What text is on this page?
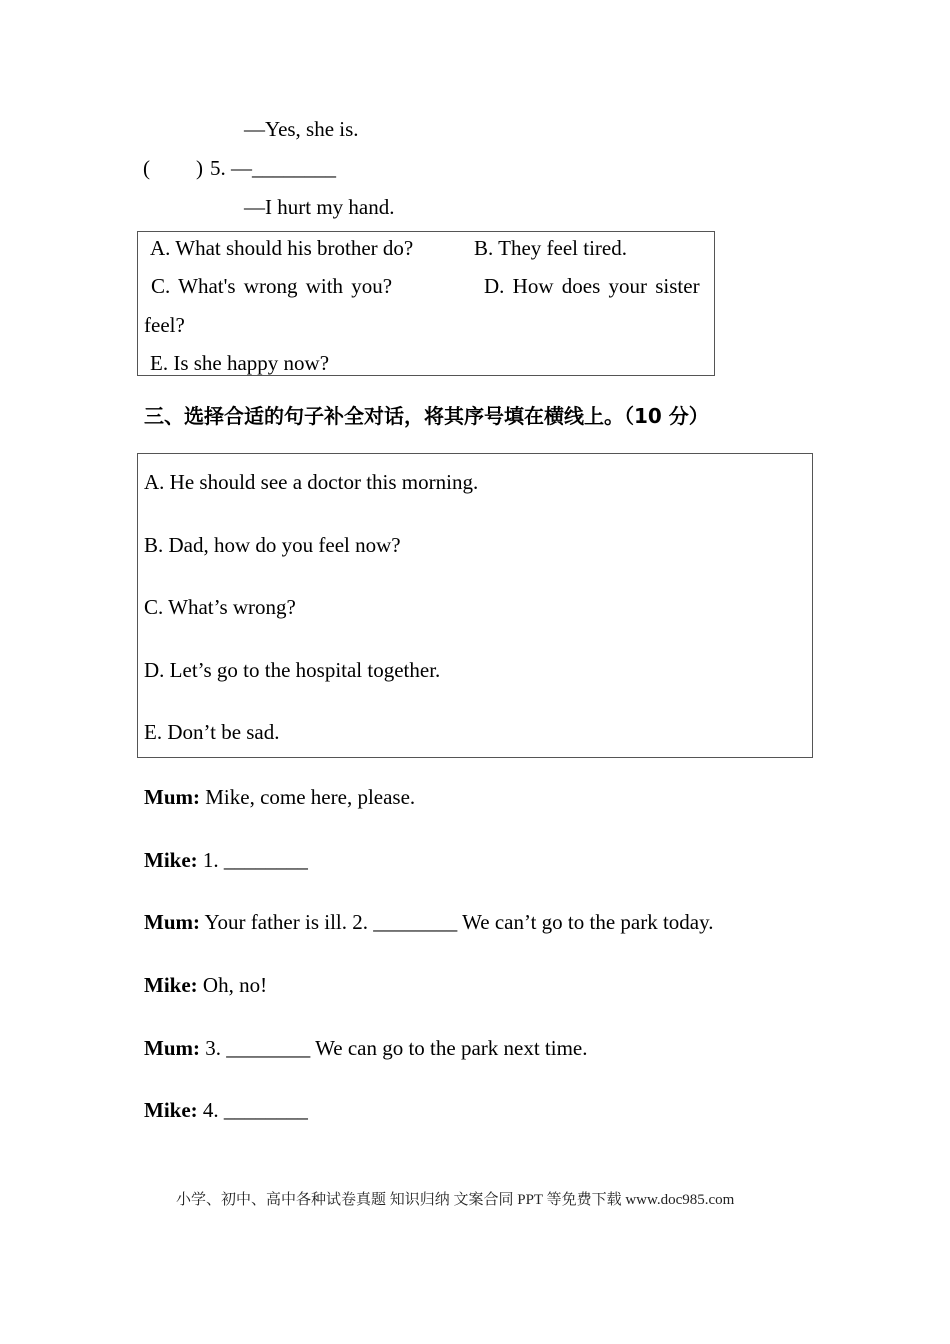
—Yes, she is.
( ) 5. —________
—I hurt my hand.
A. What should his brother do?	B. They feel tired.
C. What's wrong with you?	D. How does your sister
feel?
E. Is she happy now?
三、选择合适的句子补全对话，将其序号填在横线上。（10 分）
A. He should see a doctor this morning.
B. Dad, how do you feel now?
C. What’s wrong?
D. Let’s go to the hospital together.
E. Don’t be sad.
Mum: Mike, come here, please.
Mike: 1. ________
Mum: Your father is ill. 2. ________ We can’t go to the park today.
Mike: Oh, no!
Mum: 3. ________ We can go to the park next time.
Mike: 4. ________
小学、初中、高中各种试卷真题 知识归纳 文案合同 PPT 等免费下载 www.doc985.com
